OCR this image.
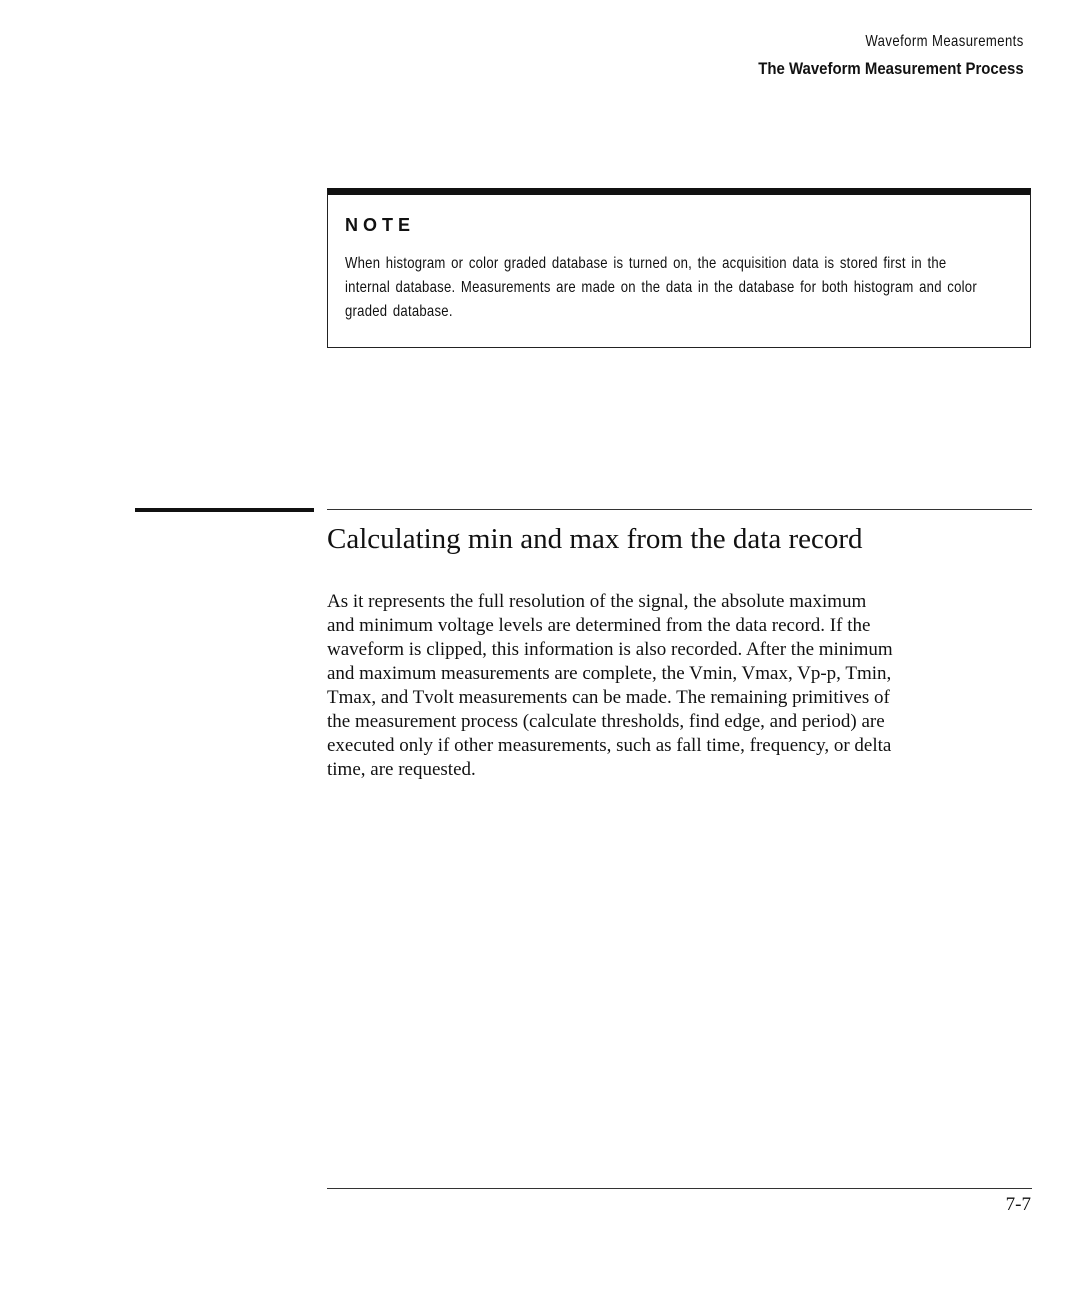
Waveform Measurements
The Waveform Measurement Process
NOTE
When histogram or color graded database is turned on, the acquisition data is stored first in the
internal database. Measurements are made on the data in the database for both histogram and color
graded database.
Calculating min and max from the data record
As it represents the full resolution of the signal, the absolute maximum
and minimum voltage levels are determined from the data record. If the
waveform is clipped, this information is also recorded. After the minimum
and maximum measurements are complete, the Vmin, Vmax, Vp-p, Tmin,
Tmax, and Tvolt measurements can be made. The remaining primitives of
the measurement process (calculate thresholds, find edge, and period) are
executed only if other measurements, such as fall time, frequency, or delta
time, are requested.
7-7
